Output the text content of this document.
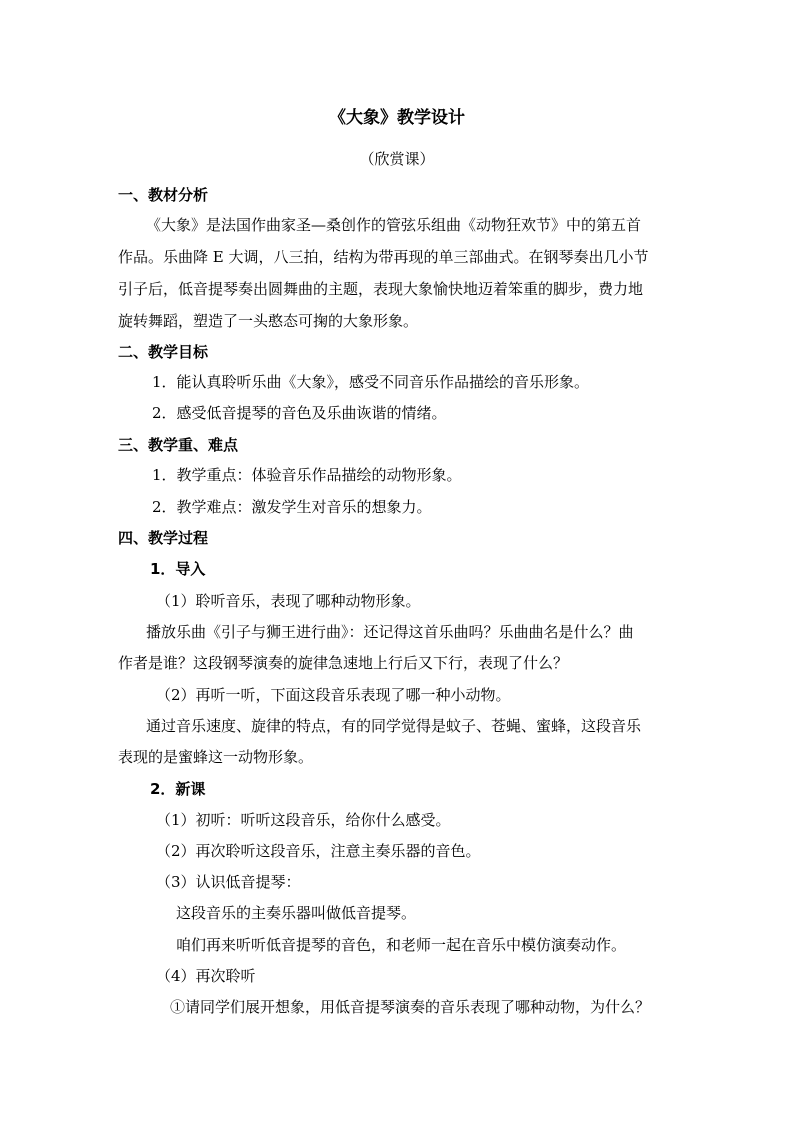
《大象》教学设计
（欣赏课）
一、教材分析
《大象》是法国作曲家圣—桑创作的管弦乐组曲《动物狂欢节》中的第五首
作品。乐曲降 E 大调，八三拍，结构为带再现的单三部曲式。在钢琴奏出几小节
引子后，低音提琴奏出圆舞曲的主题，表现大象愉快地迈着笨重的脚步，费力地
旋转舞蹈，塑造了一头憨态可掬的大象形象。
二、教学目标
1．能认真聆听乐曲《大象》，感受不同音乐作品描绘的音乐形象。
2．感受低音提琴的音色及乐曲诙谐的情绪。
三、教学重、难点
1．教学重点：体验音乐作品描绘的动物形象。
2．教学难点：激发学生对音乐的想象力。
四、教学过程
1．导入
（1）聆听音乐，表现了哪种动物形象。
播放乐曲《引子与狮王进行曲》：还记得这首乐曲吗？乐曲曲名是什么？曲
作者是谁？这段钢琴演奏的旋律急速地上行后又下行，表现了什么？
（2）再听一听，下面这段音乐表现了哪一种小动物。
通过音乐速度、旋律的特点，有的同学觉得是蚊子、苍蝇、蜜蜂，这段音乐
表现的是蜜蜂这一动物形象。
2．新课
（1）初听：听听这段音乐，给你什么感受。
（2）再次聆听这段音乐，注意主奏乐器的音色。
（3）认识低音提琴：
这段音乐的主奏乐器叫做低音提琴。
咱们再来听听低音提琴的音色，和老师一起在音乐中模仿演奏动作。
（4）再次聆听
①请同学们展开想象，用低音提琴演奏的音乐表现了哪种动物，为什么？
